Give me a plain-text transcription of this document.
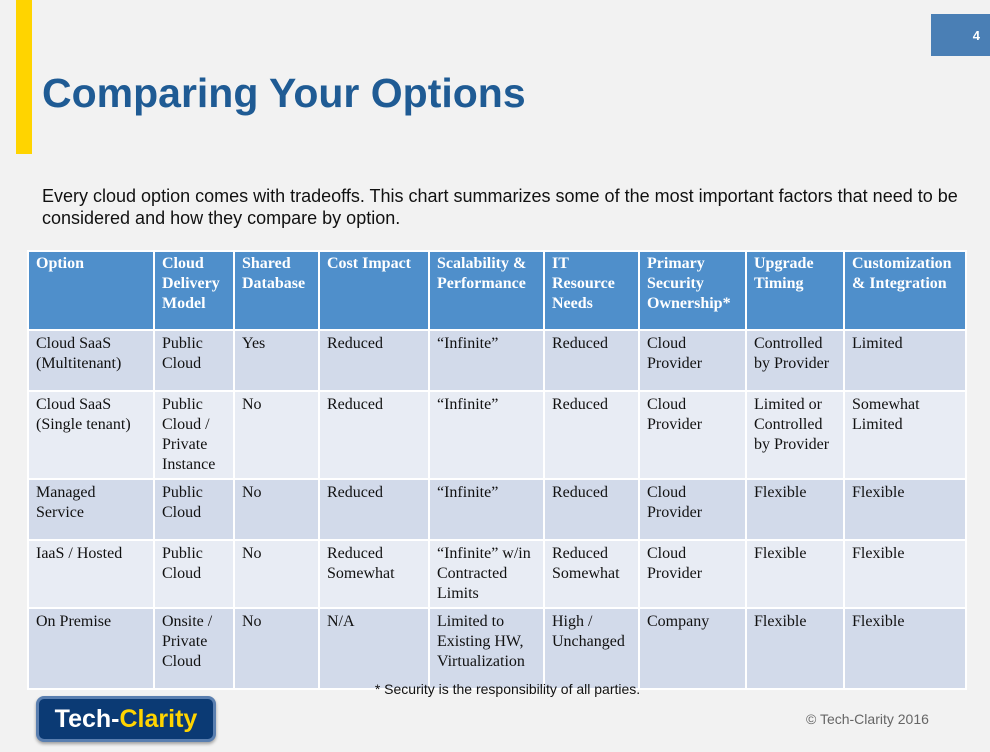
4
Comparing Your Options

Every cloud option comes with tradeoffs. This chart summarizes some of the most important factors that need to be considered and how they compare by option.

Option	Cloud Delivery Model	Shared Database	Cost Impact	Scalability & Performance	IT Resource Needs	Primary Security Ownership*	Upgrade Timing	Customization & Integration
Cloud SaaS (Multitenant)	Public Cloud	Yes	Reduced	“Infinite”	Reduced	Cloud Provider	Controlled by Provider	Limited
Cloud SaaS (Single tenant)	Public Cloud / Private Instance	No	Reduced	“Infinite”	Reduced	Cloud Provider	Limited or Controlled by Provider	Somewhat Limited
Managed Service	Public Cloud	No	Reduced	“Infinite”	Reduced	Cloud Provider	Flexible	Flexible
IaaS / Hosted	Public Cloud	No	Reduced Somewhat	“Infinite” w/in Contracted Limits	Reduced Somewhat	Cloud Provider	Flexible	Flexible
On Premise	Onsite / Private Cloud	No	N/A	Limited to Existing HW, Virtualization	High / Unchanged	Company	Flexible	Flexible
* Security is the responsibility of all parties.
Tech- Clarity	© Tech-Clarity 2016
